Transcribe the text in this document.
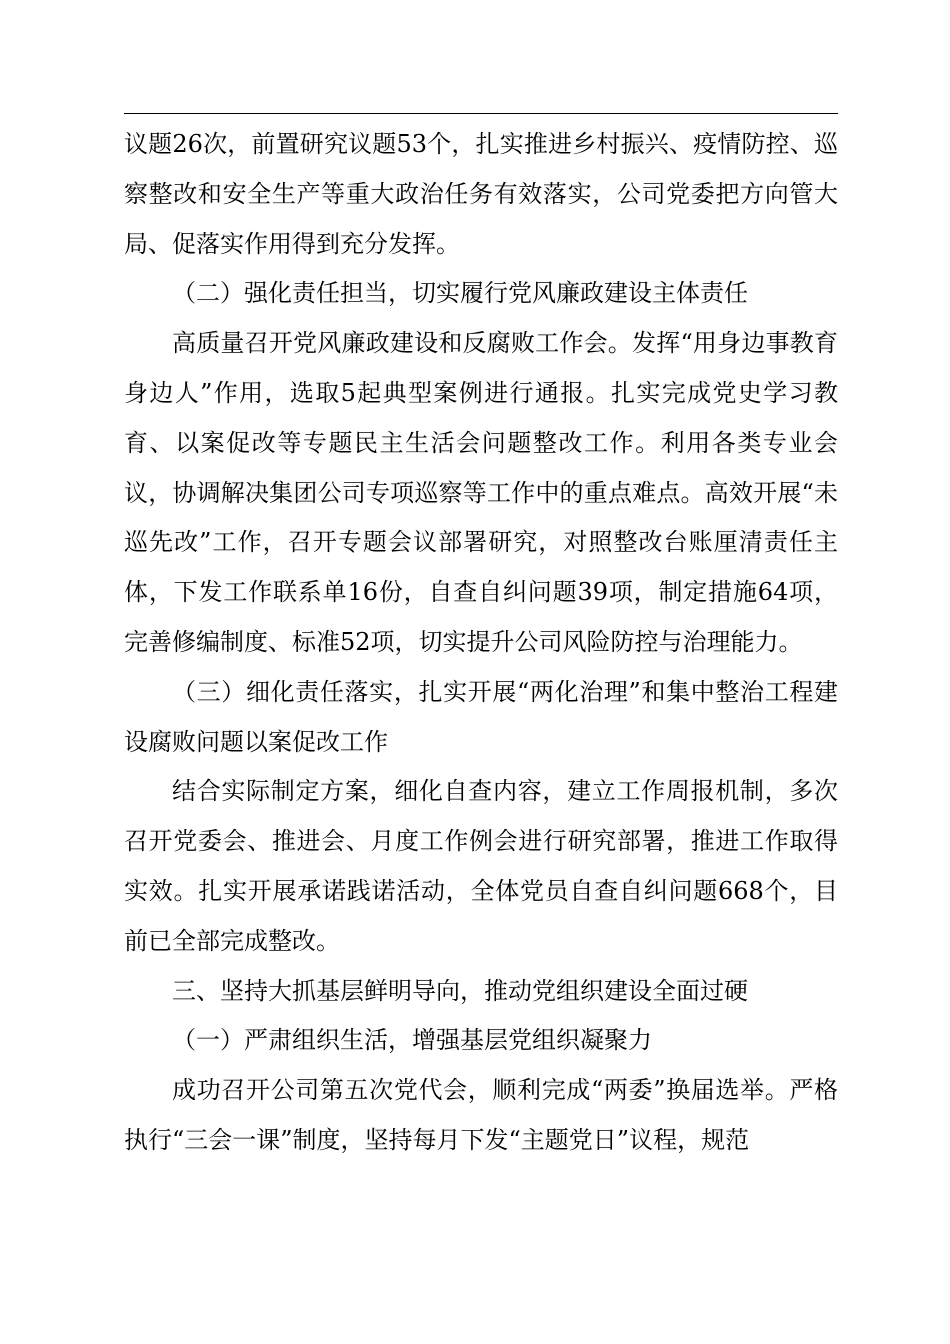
议题26次，前置研究议题53个，扎实推进乡村振兴、疫情防控、巡察整改和安全生产等重大政治任务有效落实，公司党委把方向管大局、促落实作用得到充分发挥。

（二）强化责任担当，切实履行党风廉政建设主体责任

高质量召开党风廉政建设和反腐败工作会。发挥“用身边事教育身边人”作用，选取5起典型案例进行通报。扎实完成党史学习教育、以案促改等专题民主生活会问题整改工作。利用各类专业会议，协调解决集团公司专项巡察等工作中的重点难点。高效开展“未巡先改”工作，召开专题会议部署研究，对照整改台账厘清责任主体，下发工作联系单16份，自查自纠问题39项，制定措施64项，完善修编制度、标准52项，切实提升公司风险防控与治理能力。

（三）细化责任落实，扎实开展“两化治理”和集中整治工程建设腐败问题以案促改工作

结合实际制定方案，细化自查内容，建立工作周报机制，多次召开党委会、推进会、月度工作例会进行研究部署，推进工作取得实效。扎实开展承诺践诺活动，全体党员自查自纠问题668个，目前已全部完成整改。

三、坚持大抓基层鲜明导向，推动党组织建设全面过硬

（一）严肃组织生活，增强基层党组织凝聚力

成功召开公司第五次党代会，顺利完成“两委”换届选举。严格执行“三会一课”制度，坚持每月下发“主题党日”议程，规范
